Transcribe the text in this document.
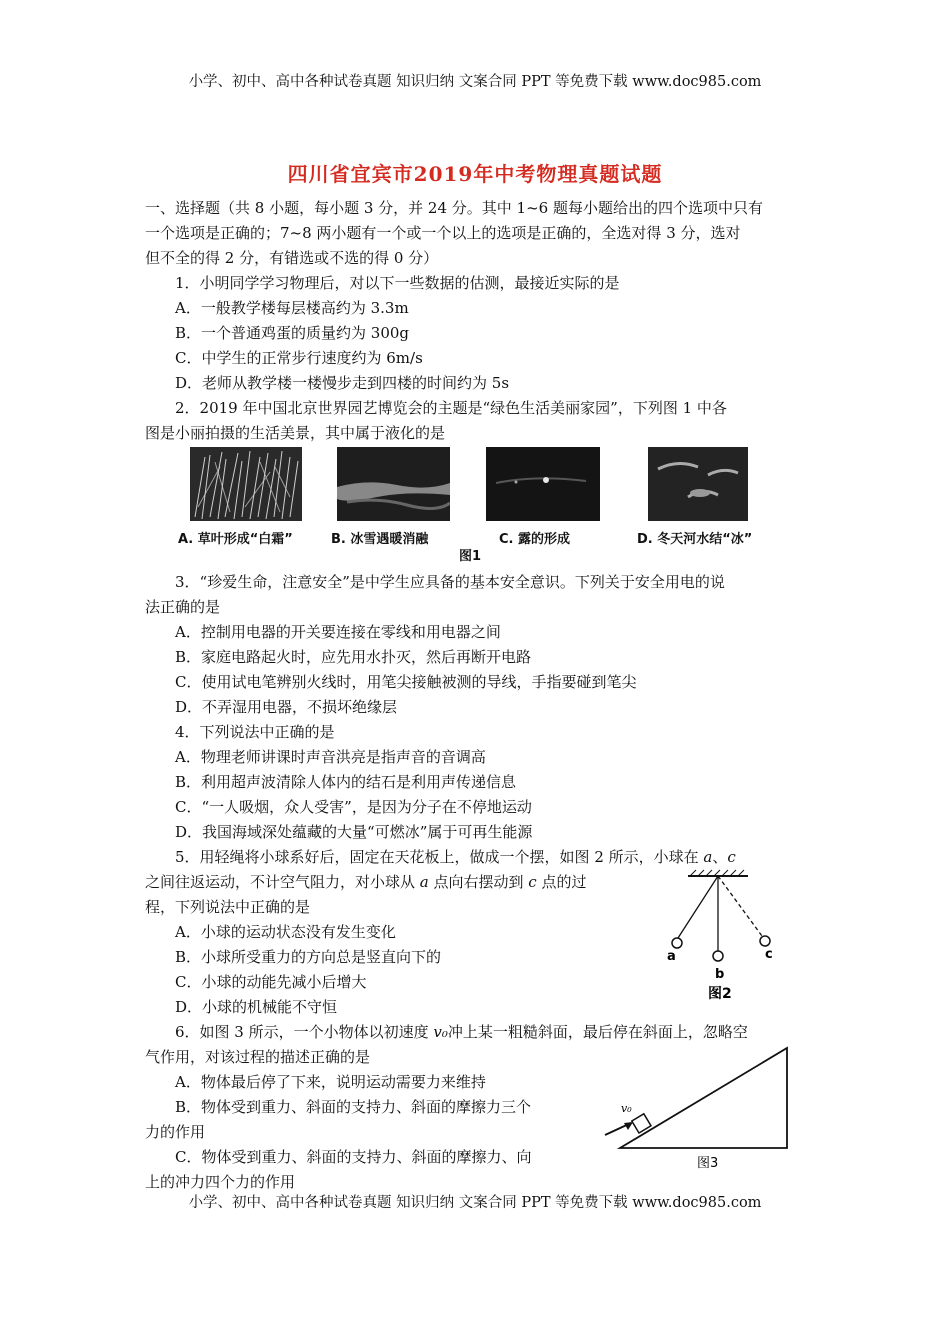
小学、初中、高中各种试卷真题 知识归纳 文案合同 PPT 等免费下载 www.doc985.com
四川省宜宾市2019年中考物理真题试题
一、选择题（共 8 小题，每小题 3 分，并 24 分。其中 1~6 题每小题给出的四个选项中只有
一个选项是正确的；7~8 两小题有一个或一个以上的选项是正确的，全选对得 3 分，选对
但不全的得 2 分，有错选或不选的得 0 分）
1．小明同学学习物理后，对以下一些数据的估测，最接近实际的是
A．一般教学楼每层楼高约为 3.3m
B．一个普通鸡蛋的质量约为 300g
C．中学生的正常步行速度约为 6m/s
D．老师从教学楼一楼慢步走到四楼的时间约为 5s
2．2019 年中国北京世界园艺博览会的主题是“绿色生活美丽家园”，下列图 1 中各
图是小丽拍摄的生活美景，其中属于液化的是
A. 草叶形成“白霜”	B. 冰雪遇暖消融	C. 露的形成	D. 冬天河水结“冰”
图1
3．“珍爱生命，注意安全”是中学生应具备的基本安全意识。下列关于安全用电的说
法正确的是
A．控制用电器的开关要连接在零线和用电器之间
B．家庭电路起火时，应先用水扑灭，然后再断开电路
C．使用试电笔辨别火线时，用笔尖接触被测的导线，手指要碰到笔尖
D．不弄湿用电器，不损坏绝缘层
4．下列说法中正确的是
A．物理老师讲课时声音洪亮是指声音的音调高
B．利用超声波清除人体内的结石是利用声传递信息
C．“一人吸烟，众人受害”，是因为分子在不停地运动
D．我国海域深处蕴藏的大量“可燃冰”属于可再生能源
5．用轻绳将小球系好后，固定在天花板上，做成一个摆，如图 2 所示，小球在 a、c
之间往返运动，不计空气阻力，对小球从 a 点向右摆动到 c 点的过
程，下列说法中正确的是
A．小球的运动状态没有发生变化
B．小球所受重力的方向总是竖直向下的
C．小球的动能先减小后增大
D．小球的机械能不守恒
a
b
c
图2
6．如图 3 所示，一个小物体以初速度 v₀冲上某一粗糙斜面，最后停在斜面上，忽略空
气作用，对该过程的描述正确的是
A．物体最后停了下来，说明运动需要力来维持
B．物体受到重力、斜面的支持力、斜面的摩擦力三个
力的作用
C．物体受到重力、斜面的支持力、斜面的摩擦力、向
上的冲力四个力的作用
v₀
图3
小学、初中、高中各种试卷真题 知识归纳 文案合同 PPT 等免费下载 www.doc985.com
